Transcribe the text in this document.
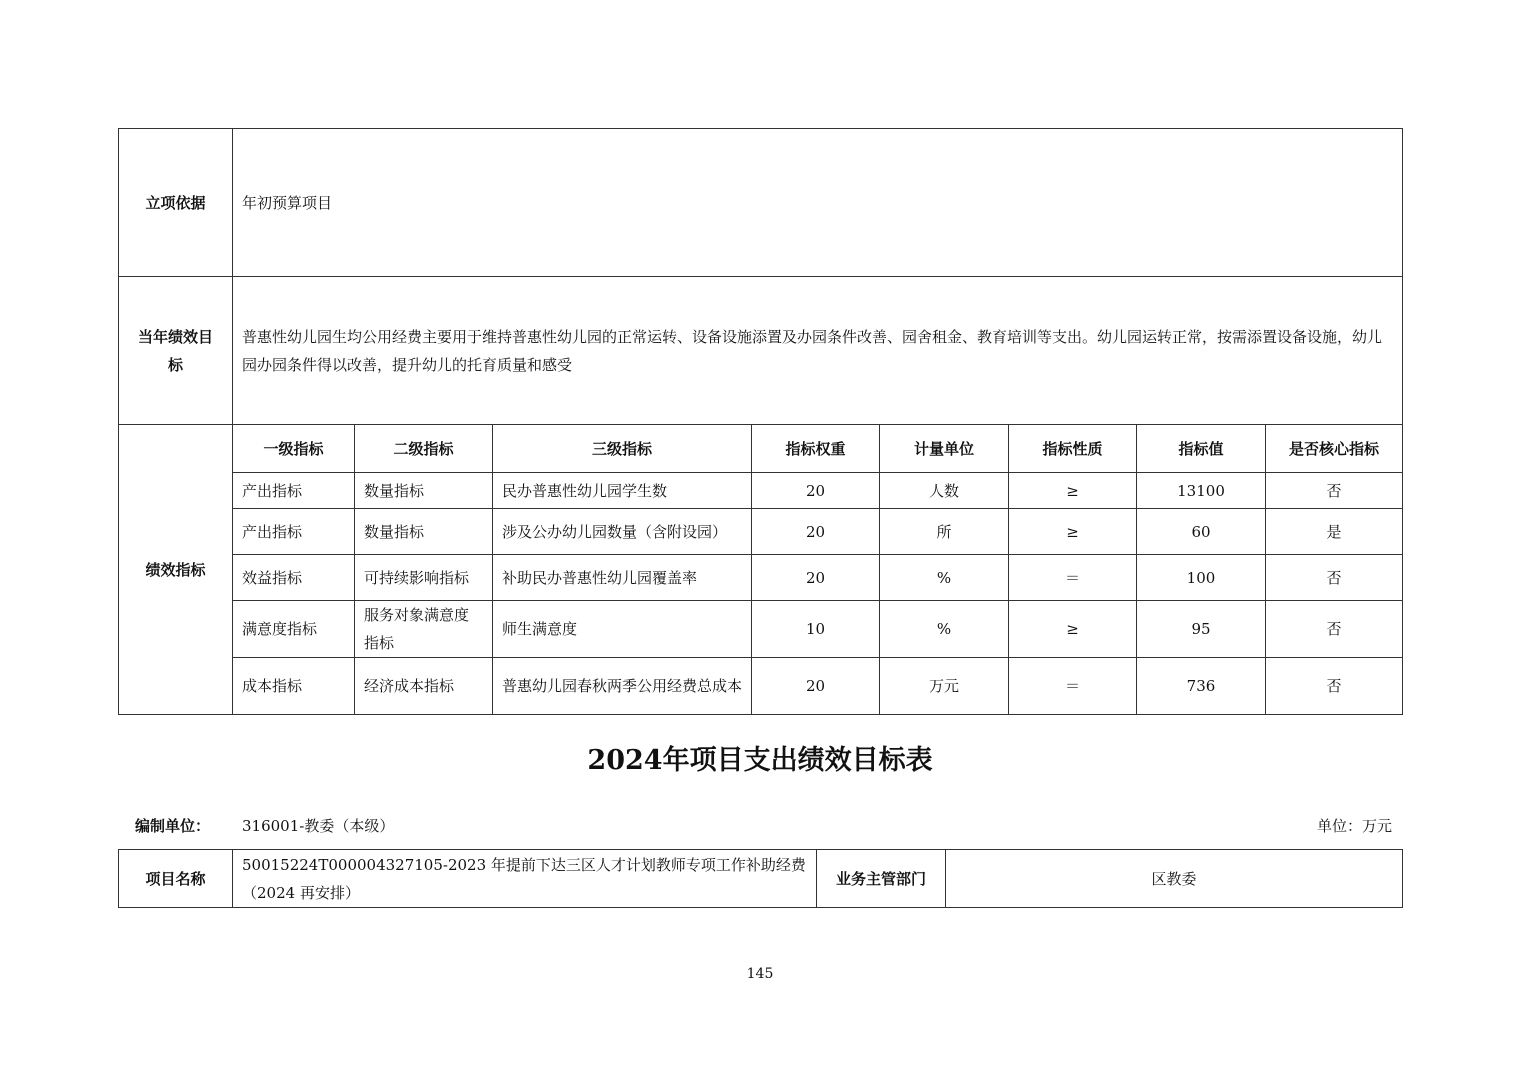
立项依据	年初预算项目							
当年绩效目标	普惠性幼儿园生均公用经费主要用于维持普惠性幼儿园的正常运转、设备设施添置及办园条件改善、园舍租金、教育培训等支出。幼儿园运转正常，按需添置设备设施，幼儿园办园条件得以改善，提升幼儿的托育质量和感受							
绩效指标	一级指标	二级指标	三级指标	指标权重	计量单位	指标性质	指标值	是否核心指标
	产出指标	数量指标	民办普惠性幼儿园学生数	20	人数	≥	13100	否
	产出指标	数量指标	涉及公办幼儿园数量（含附设园）	20	所	≥	60	是
	效益指标	可持续影响指标	补助民办普惠性幼儿园覆盖率	20	%	＝	100	否
	满意度指标	服务对象满意度指标	师生满意度	10	%	≥	95	否
	成本指标	经济成本指标	普惠幼儿园春秋两季公用经费总成本	20	万元	＝	736	否
2024年项目支出绩效目标表
编制单位： 316001-教委（本级）	单位：万元
项目名称	50015224T000004327105-2023 年提前下达三区人才计划教师专项工作补助经费（2024 再安排）	业务主管部门	区教委
145
